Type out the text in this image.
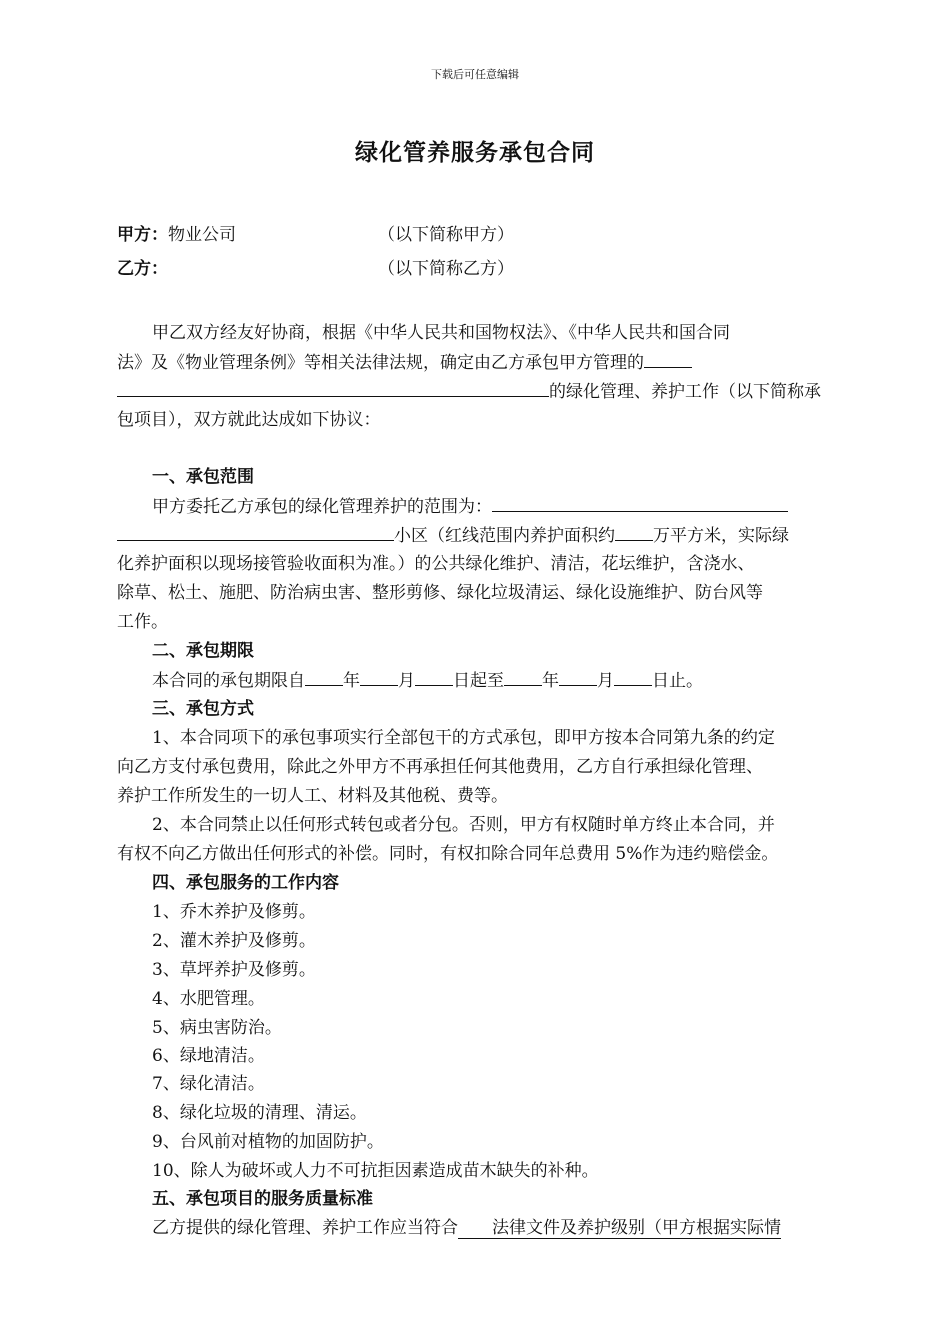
下载后可任意编辑
绿化管养服务承包合同
甲方：物业公司	（以下简称甲方）
乙方：	（以下简称乙方）
甲乙双方经友好协商，根据《中华人民共和国物权法》、《中华人民共和国合同
法》及《物业管理条例》等相关法律法规，确定由乙方承包甲方管理的
的绿化管理、养护工作（以下简称承
包项目），双方就此达成如下协议：
一、承包范围
甲方委托乙方承包的绿化管理养护的范围为：
小区（红线范围内养护面积约 万平方米，实际绿
化养护面积以现场接管验收面积为准。）的公共绿化维护、清洁，花坛维护，含浇水、
除草、松土、施肥、防治病虫害、整形剪修、绿化垃圾清运、绿化设施维护、防台风等
工作。
二、承包期限
本合同的承包期限自 年 月 日起至 年 月 日止。
三、承包方式
1、本合同项下的承包事项实行全部包干的方式承包，即甲方按本合同第九条的约定
向乙方支付承包费用，除此之外甲方不再承担任何其他费用，乙方自行承担绿化管理、
养护工作所发生的一切人工、材料及其他税、费等。
2、本合同禁止以任何形式转包或者分包。否则，甲方有权随时单方终止本合同，并
有权不向乙方做出任何形式的补偿。同时，有权扣除合同年总费用 5%作为违约赔偿金。
四、承包服务的工作内容
1、乔木养护及修剪。
2、灌木养护及修剪。
3、草坪养护及修剪。
4、水肥管理。
5、病虫害防治。
6、绿地清洁。
7、绿化清洁。
8、绿化垃圾的清理、清运。
9、台风前对植物的加固防护。
10、除人为破坏或人力不可抗拒因素造成苗木缺失的补种。
五、承包项目的服务质量标准
乙方提供的绿化管理、养护工作应当符合 法律文件及养护级别（甲方根据实际情
